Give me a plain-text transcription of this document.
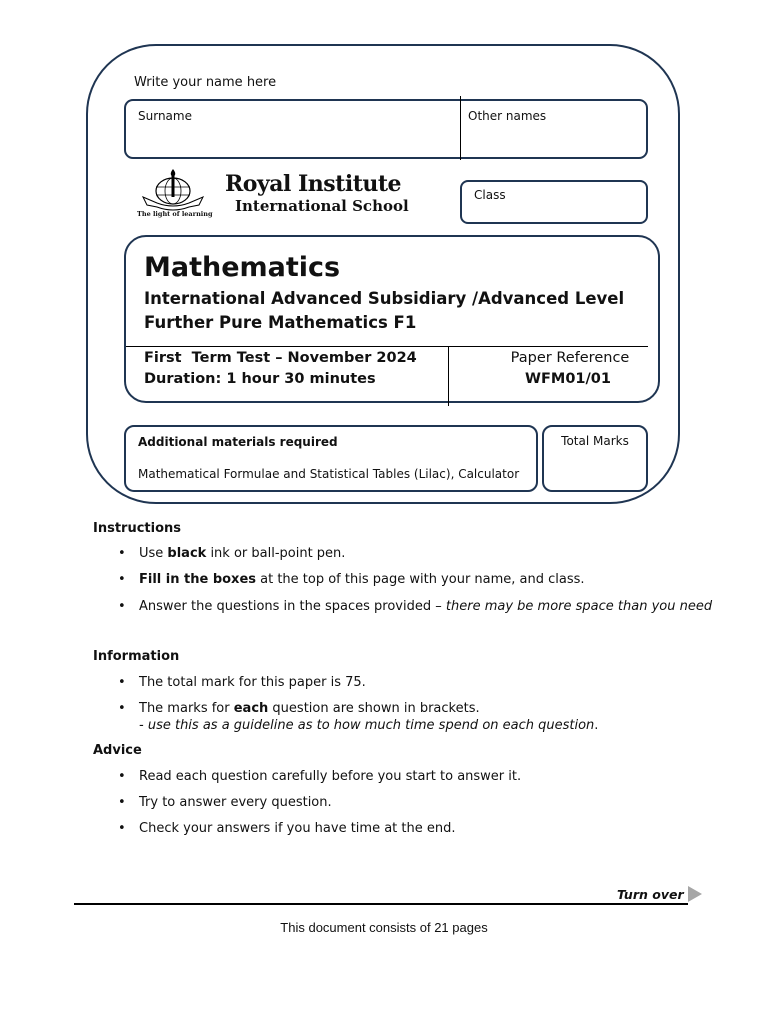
Write your name here
Surname	Other names
The light of learning
Royal Institute
International School
Class
Mathematics
International Advanced Subsidiary /Advanced Level
Further Pure Mathematics F1
First  Term Test – November 2024
Duration: 1 hour 30 minutes
Paper Reference
WFM01/01
Additional materials required
Mathematical Formulae and Statistical Tables (Lilac), Calculator
Total Marks
Instructions
• Use black ink or ball-point pen.
• Fill in the boxes at the top of this page with your name, and class.
• Answer the questions in the spaces provided – there may be more space than you need
Information
• The total mark for this paper is 75.
• The marks for each question are shown in brackets.
- use this as a guideline as to how much time spend on each question.
Advice
• Read each question carefully before you start to answer it.
• Try to answer every question.
• Check your answers if you have time at the end.
Turn over
This document consists of 21 pages
